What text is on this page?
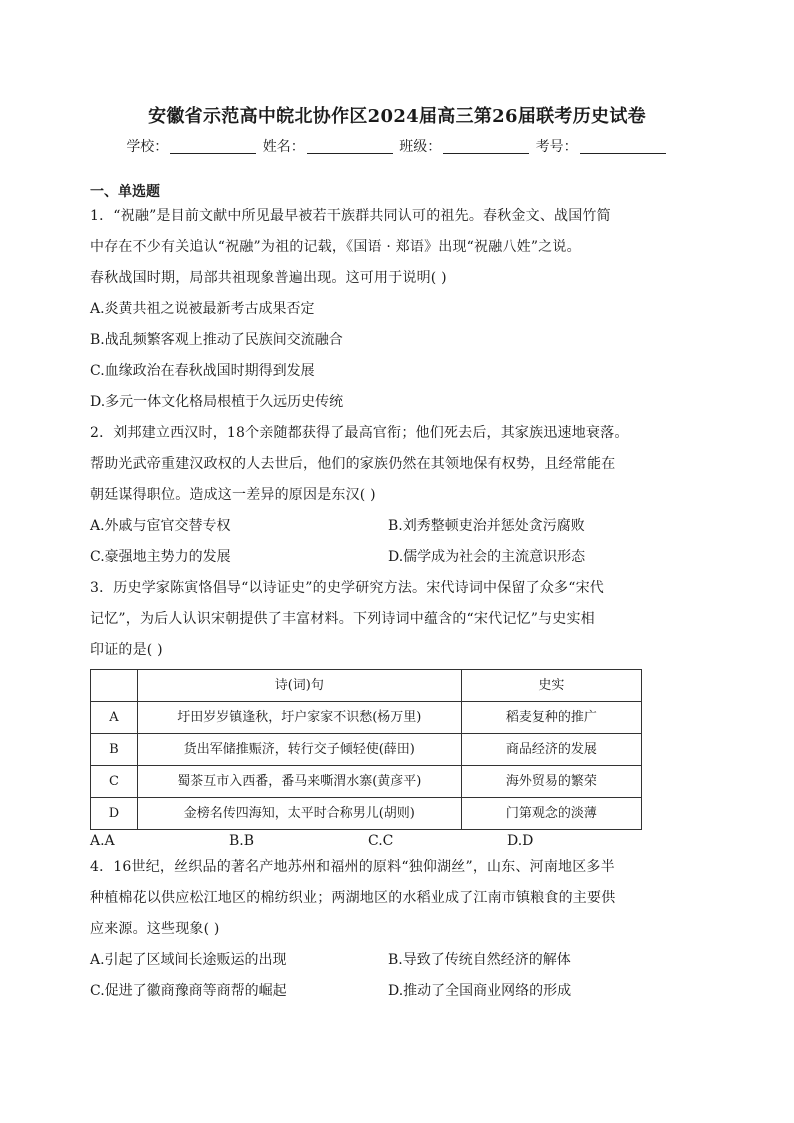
安徽省示范高中皖北协作区2024届高三第26届联考历史试卷
学校：	姓名：	班级：	考号：
一、单选题

1．“祝融”是目前文献中所见最早被若干族群共同认可的祖先。春秋金文、战国竹简

中存在不少有关追认“祝融”为祖的记载，《国语 · 郑语》出现“祝融八姓”之说。

春秋战国时期，局部共祖现象普遍出现。这可用于说明( )

A.炎黄共祖之说被最新考古成果否定

B.战乱频繁客观上推动了民族间交流融合

C.血缘政治在春秋战国时期得到发展

D.多元一体文化格局根植于久远历史传统

2．刘邦建立西汉时，18个亲随都获得了最高官衔；他们死去后，其家族迅速地衰落。

帮助光武帝重建汉政权的人去世后，他们的家族仍然在其领地保有权势，且经常能在

朝廷谋得职位。造成这一差异的原因是东汉( )

A.外戚与宦官交替专权	B.刘秀整顿吏治并惩处贪污腐败

C.豪强地主势力的发展	D.儒学成为社会的主流意识形态

3．历史学家陈寅恪倡导“以诗证史”的史学研究方法。宋代诗词中保留了众多“宋代

记忆”，为后人认识宋朝提供了丰富材料。下列诗词中蕴含的“宋代记忆”与史实相

印证的是( )

	诗(词)句	史实
A	圩田岁岁镇逢秋，圩户家家不识愁(杨万里)	稻麦复种的推广
B	货出军储推赈济，转行交子倾轻使(薛田)	商品经济的发展
C	蜀茶互市入西番，番马来嘶渭水寨(黄彦平)	海外贸易的繁荣
D	金榜名传四海知，太平时合称男儿(胡则)	门第观念的淡薄
A.A	B.B	C.C	D.D

4．16世纪，丝织品的著名产地苏州和福州的原料“独仰湖丝”，山东、河南地区多半

种植棉花以供应松江地区的棉纺织业；两湖地区的水稻业成了江南市镇粮食的主要供

应来源。这些现象( )

A.引起了区域间长途贩运的出现	B.导致了传统自然经济的解体

C.促进了徽商豫商等商帮的崛起	D.推动了全国商业网络的形成
